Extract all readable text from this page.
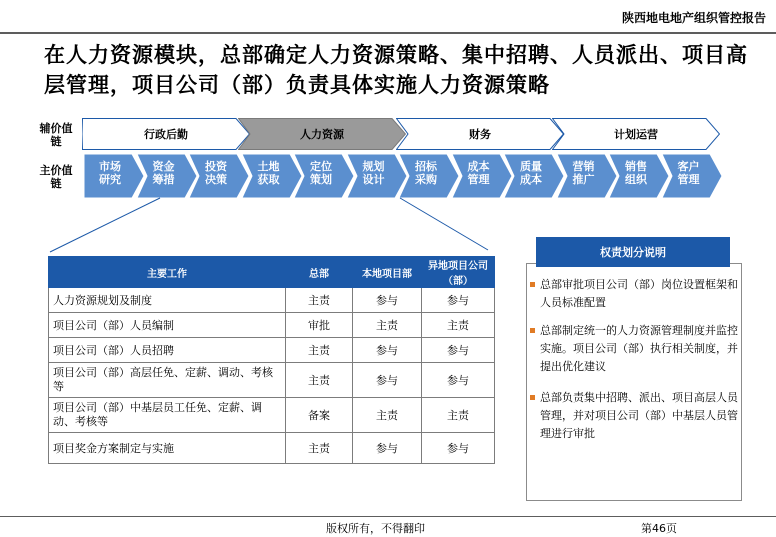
陕西地电地产组织管控报告
在人力资源模块，总部确定人力资源策略、集中招聘、人员派出、项目高层管理，项目公司（部）负责具体实施人力资源策略
辅价值链
主价值链
行政后勤	人力资源	财务	计划运营
市场研究
资金筹措
投资决策
土地获取
定位策划
规划设计
招标采购
成本管理
质量成本
营销推广
销售组织
客户管理
主要工作	总部	本地项目部	异地项目公司（部）
人力资源规划及制度	主责	参与	参与
项目公司（部）人员编制	审批	主责	主责
项目公司（部）人员招聘	主责	参与	参与
项目公司（部）高层任免、定薪、调动、考核等	主责	参与	参与
项目公司（部）中基层员工任免、定薪、调动、考核等	备案	主责	主责
项目奖金方案制定与实施	主责	参与	参与
权责划分说明
总部审批项目公司（部）岗位设置框架和人员标准配置
总部制定统一的人力资源管理制度并监控实施。项目公司（部）执行相关制度，并提出优化建议
总部负责集中招聘、派出、项目高层人员管理，并对项目公司（部）中基层人员管理进行审批
版权所有，不得翻印	第46页
